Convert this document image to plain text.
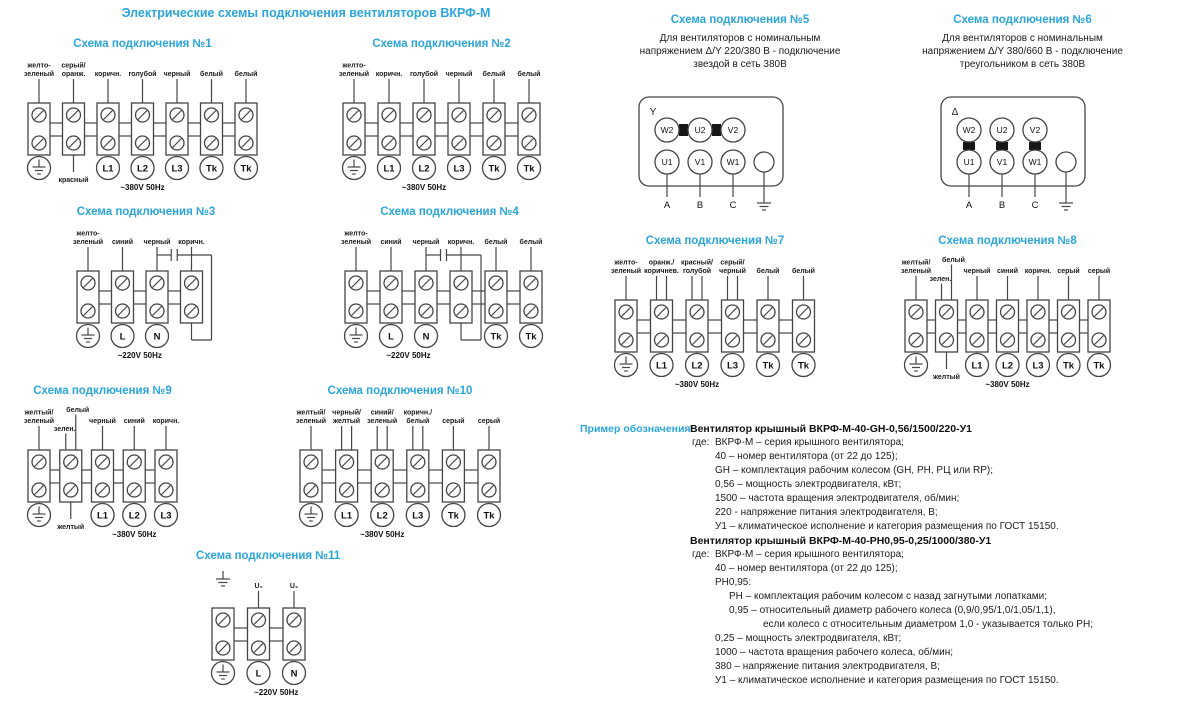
Электрические схемы подключения вентиляторов ВКРФ-М
Схема подключения №1
желто-
зеленый
серый/
оранж.
красный
коричн.
L1
голубой
L2
черный
L3
белый
Tk
белый
Tk
~380V 50Hz
Схема подключения №2
желто-
зеленый коричн.
L1
голубой
L2
черный
L3
белый
Tk
белый
Tk
~380V 50Hz
Схема подключения №3
желто-
зеленый синий
L
черный
N
коричн.
~220V 50Hz
Схема подключения №4
желто-
зеленый синий
L
черный
N
коричн. белый
Tk
белый
Tk
~220V 50Hz
Схема подключения №5
Для вентиляторов с номинальным
напряжением Δ/Y 220/380 В - подключение
звездой в сеть 380В
Y
W2
U1
A
U2
V1
B
V2
W1
C
Схема подключения №6
Для вентиляторов с номинальным
напряжением Δ/Y 380/660 В - подключение
треугольником в сеть 380В
Δ
W2
U1
A
U2
V1
B
V2
W1
C
Схема подключения №7
желто-
зеленый
оранж./
коричнев.
L1
красный/
голубой
L2
серый/
черный
L3
белый
Tk
белый
Tk
~380V 50Hz
Схема подключения №8
желтый/
зеленый
зелен.
белый
желтый
черный
L1
синий
L2
коричн.
L3
серый
Tk
серый
Tk
~380V 50Hz
Схема подключения №9
желтый/
зеленый
зелен.
белый
желтый
черный
L1
синий
L2
коричн.
L3
~380V 50Hz
Схема подключения №10
желтый/
зеленый
черный/
желтый
L1
синий/
зеленый
L2
коричн./
белый
L3
серый
Tk
серый
Tk
~380V 50Hz
Схема подключения №11
U₁
L
U₂
N
~220V 50Hz
Пример обозначения:
Вентилятор крышный ВКРФ-М-40-GH-0,56/1500/220-У1
где: ВКРФ-М – серия крышного вентилятора;
40 – номер вентилятора (от 22 до 125);
GH – комплектация рабочим колесом (GH, PH, РЦ или RP);
0,56 – мощность электродвигателя, кВт;
1500 – частота вращения электродвигателя, об/мин;
220 - напряжение питания электродвигателя, В;
У1 – климатическое исполнение и категория размещения по ГОСТ 15150.
Вентилятор крышный ВКРФ-М-40-РН0,95-0,25/1000/380-У1
где: ВКРФ-М – серия крышного вентилятора;
40 – номер вентилятора (от 22 до 125);
РН0,95:
РН – комплектация рабочим колесом с назад загнутыми лопатками;
0,95 – относительный диаметр рабочего колеса (0,9/0,95/1,0/1,05/1,1),
если колесо с относительным диаметром 1,0 - указывается только РН;
0,25 – мощность электродвигателя, кВт;
1000 – частота вращения рабочего колеса, об/мин;
380 – напряжение питания электродвигателя, В;
У1 – климатическое исполнение и категория размещения по ГОСТ 15150.
